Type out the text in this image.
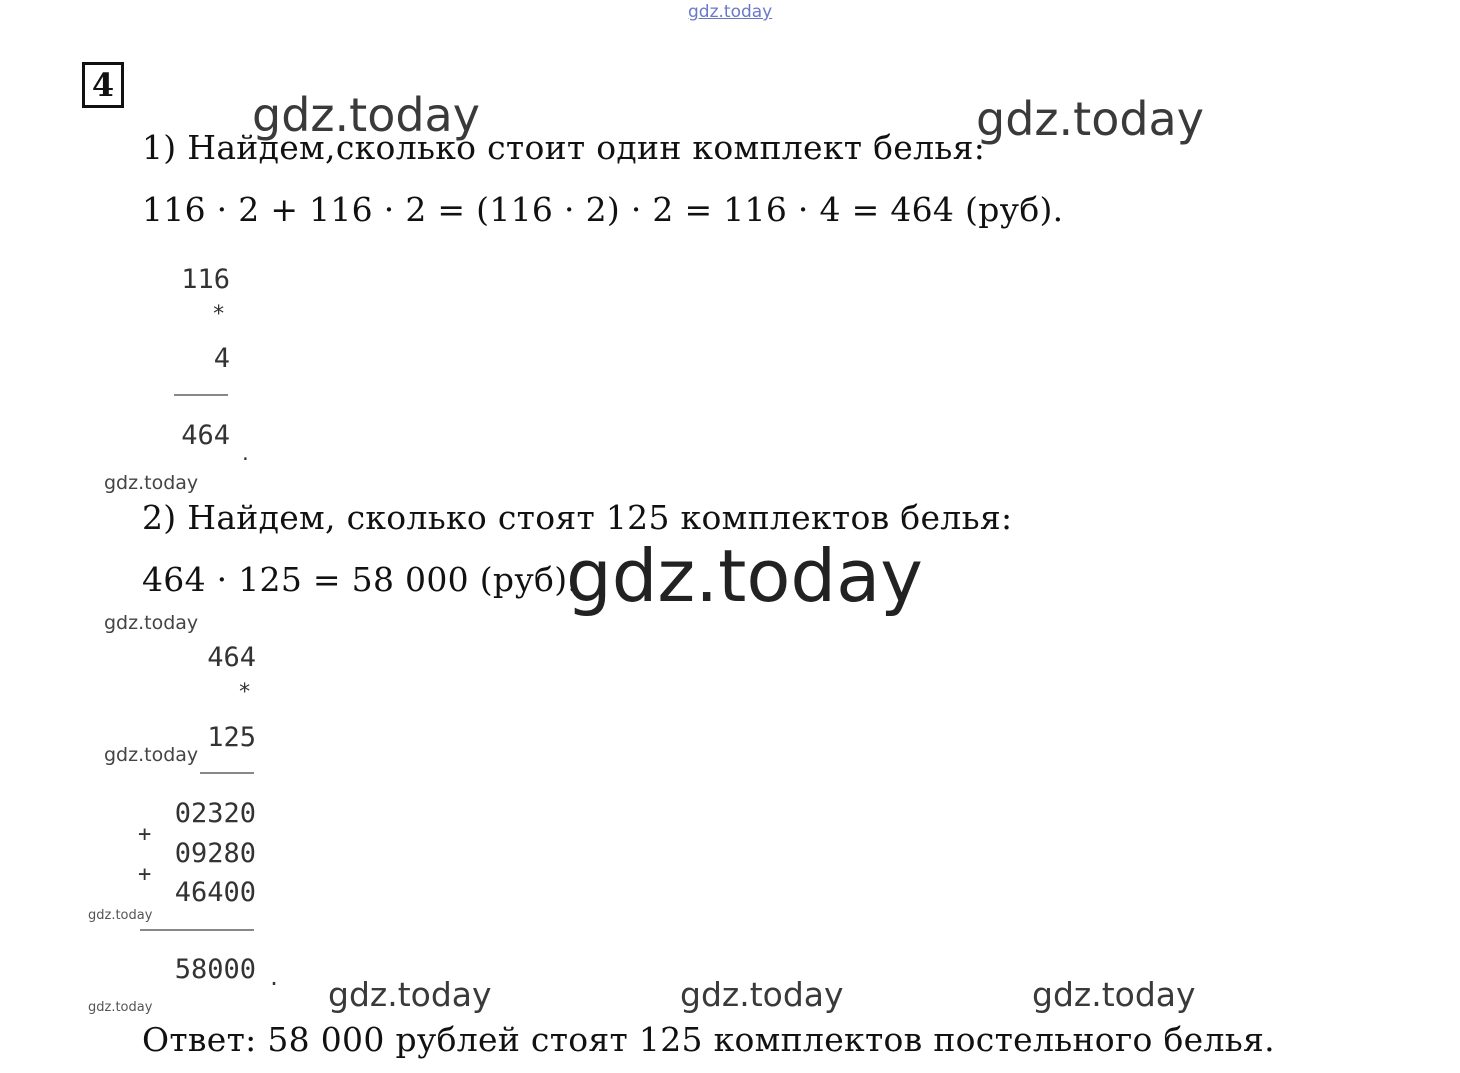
gdz.today
gdz.today	gdz.today
gdz.today
gdz.today
gdz.today
gdz.today
gdz.today	gdz.today	gdz.today	gdz.today
4
1) Найдем,сколько стоит один комплект белья:
116 · 2 + 116 · 2 = (116 · 2) · 2 = 116 · 4 = 464 (руб).
116
*
4
464
.
2) Найдем, сколько стоят 125 комплектов белья:
464 · 125 = 58 000 (руб).
gdz.today
464
*
125
02320
+
09280
+
46400
58000 .
Ответ: 58 000 рублей стоят 125 комплектов постельного белья.
